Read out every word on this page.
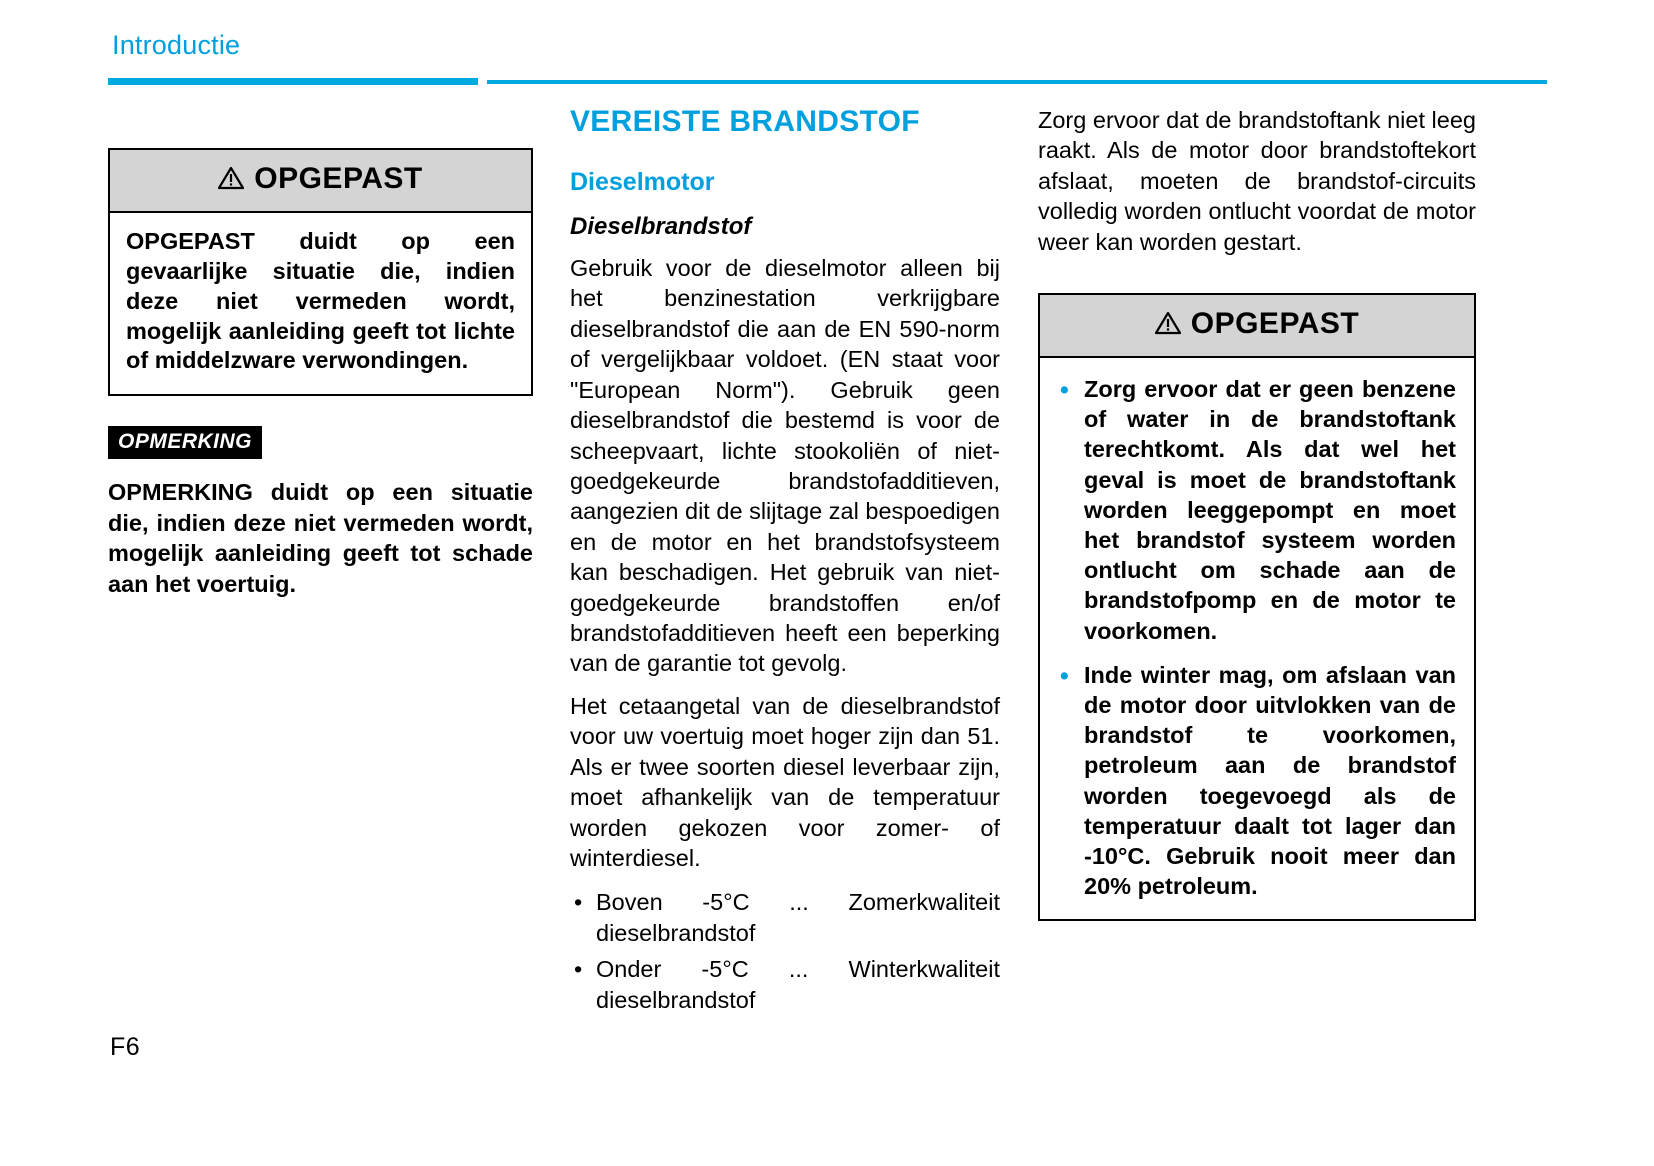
Introductie
OPGEPAST

OPGEPAST duidt op een gevaarlijke situatie die, indien deze niet vermeden wordt, mogelijk aanleiding geeft tot lichte of middelzware verwondingen.

OPMERKING
OPMERKING duidt op een situatie die, indien deze niet vermeden wordt, mogelijk aanleiding geeft tot schade aan het voertuig.
VEREISTE BRANDSTOF
Dieselmotor
Dieselbrandstof

Gebruik voor de dieselmotor alleen bij het benzinestation verkrijgbare dieselbrandstof die aan de EN 590-norm of vergelijkbaar voldoet. (EN staat voor "European Norm"). Gebruik geen dieselbrandstof die bestemd is voor de scheepvaart, lichte stookoliën of niet-goedgekeurde brandstofadditieven, aangezien dit de slijtage zal bespoedigen en de motor en het brandstofsysteem kan beschadigen. Het gebruik van niet-goedgekeurde brandstoffen en/of brandstofadditieven heeft een beperking van de garantie tot gevolg.

Het cetaangetal van de dieselbrandstof voor uw voertuig moet hoger zijn dan 51. Als er twee soorten diesel leverbaar zijn, moet afhankelijk van de temperatuur worden gekozen voor zomer- of winterdiesel.

• Boven -5°C ... Zomerkwaliteit dieselbrandstof
• Onder -5°C ... Winterkwaliteit dieselbrandstof

Zorg ervoor dat de brandstoftank niet leeg raakt. Als de motor door brandstoftekort afslaat, moeten de brandstof-circuits volledig worden ontlucht voordat de motor weer kan worden gestart.

OPGEPAST
• Zorg ervoor dat er geen benzene of water in de brandstoftank terechtkomt. Als dat wel het geval is moet de brandstoftank worden leeggepompt en moet het brandstof systeem worden ontlucht om schade aan de brandstofpomp en de motor te voorkomen.
• Inde winter mag, om afslaan van de motor door uitvlokken van de brandstof te voorkomen, petroleum aan de brandstof worden toegevoegd als de temperatuur daalt tot lager dan -10°C. Gebruik nooit meer dan 20% petroleum.
F6
